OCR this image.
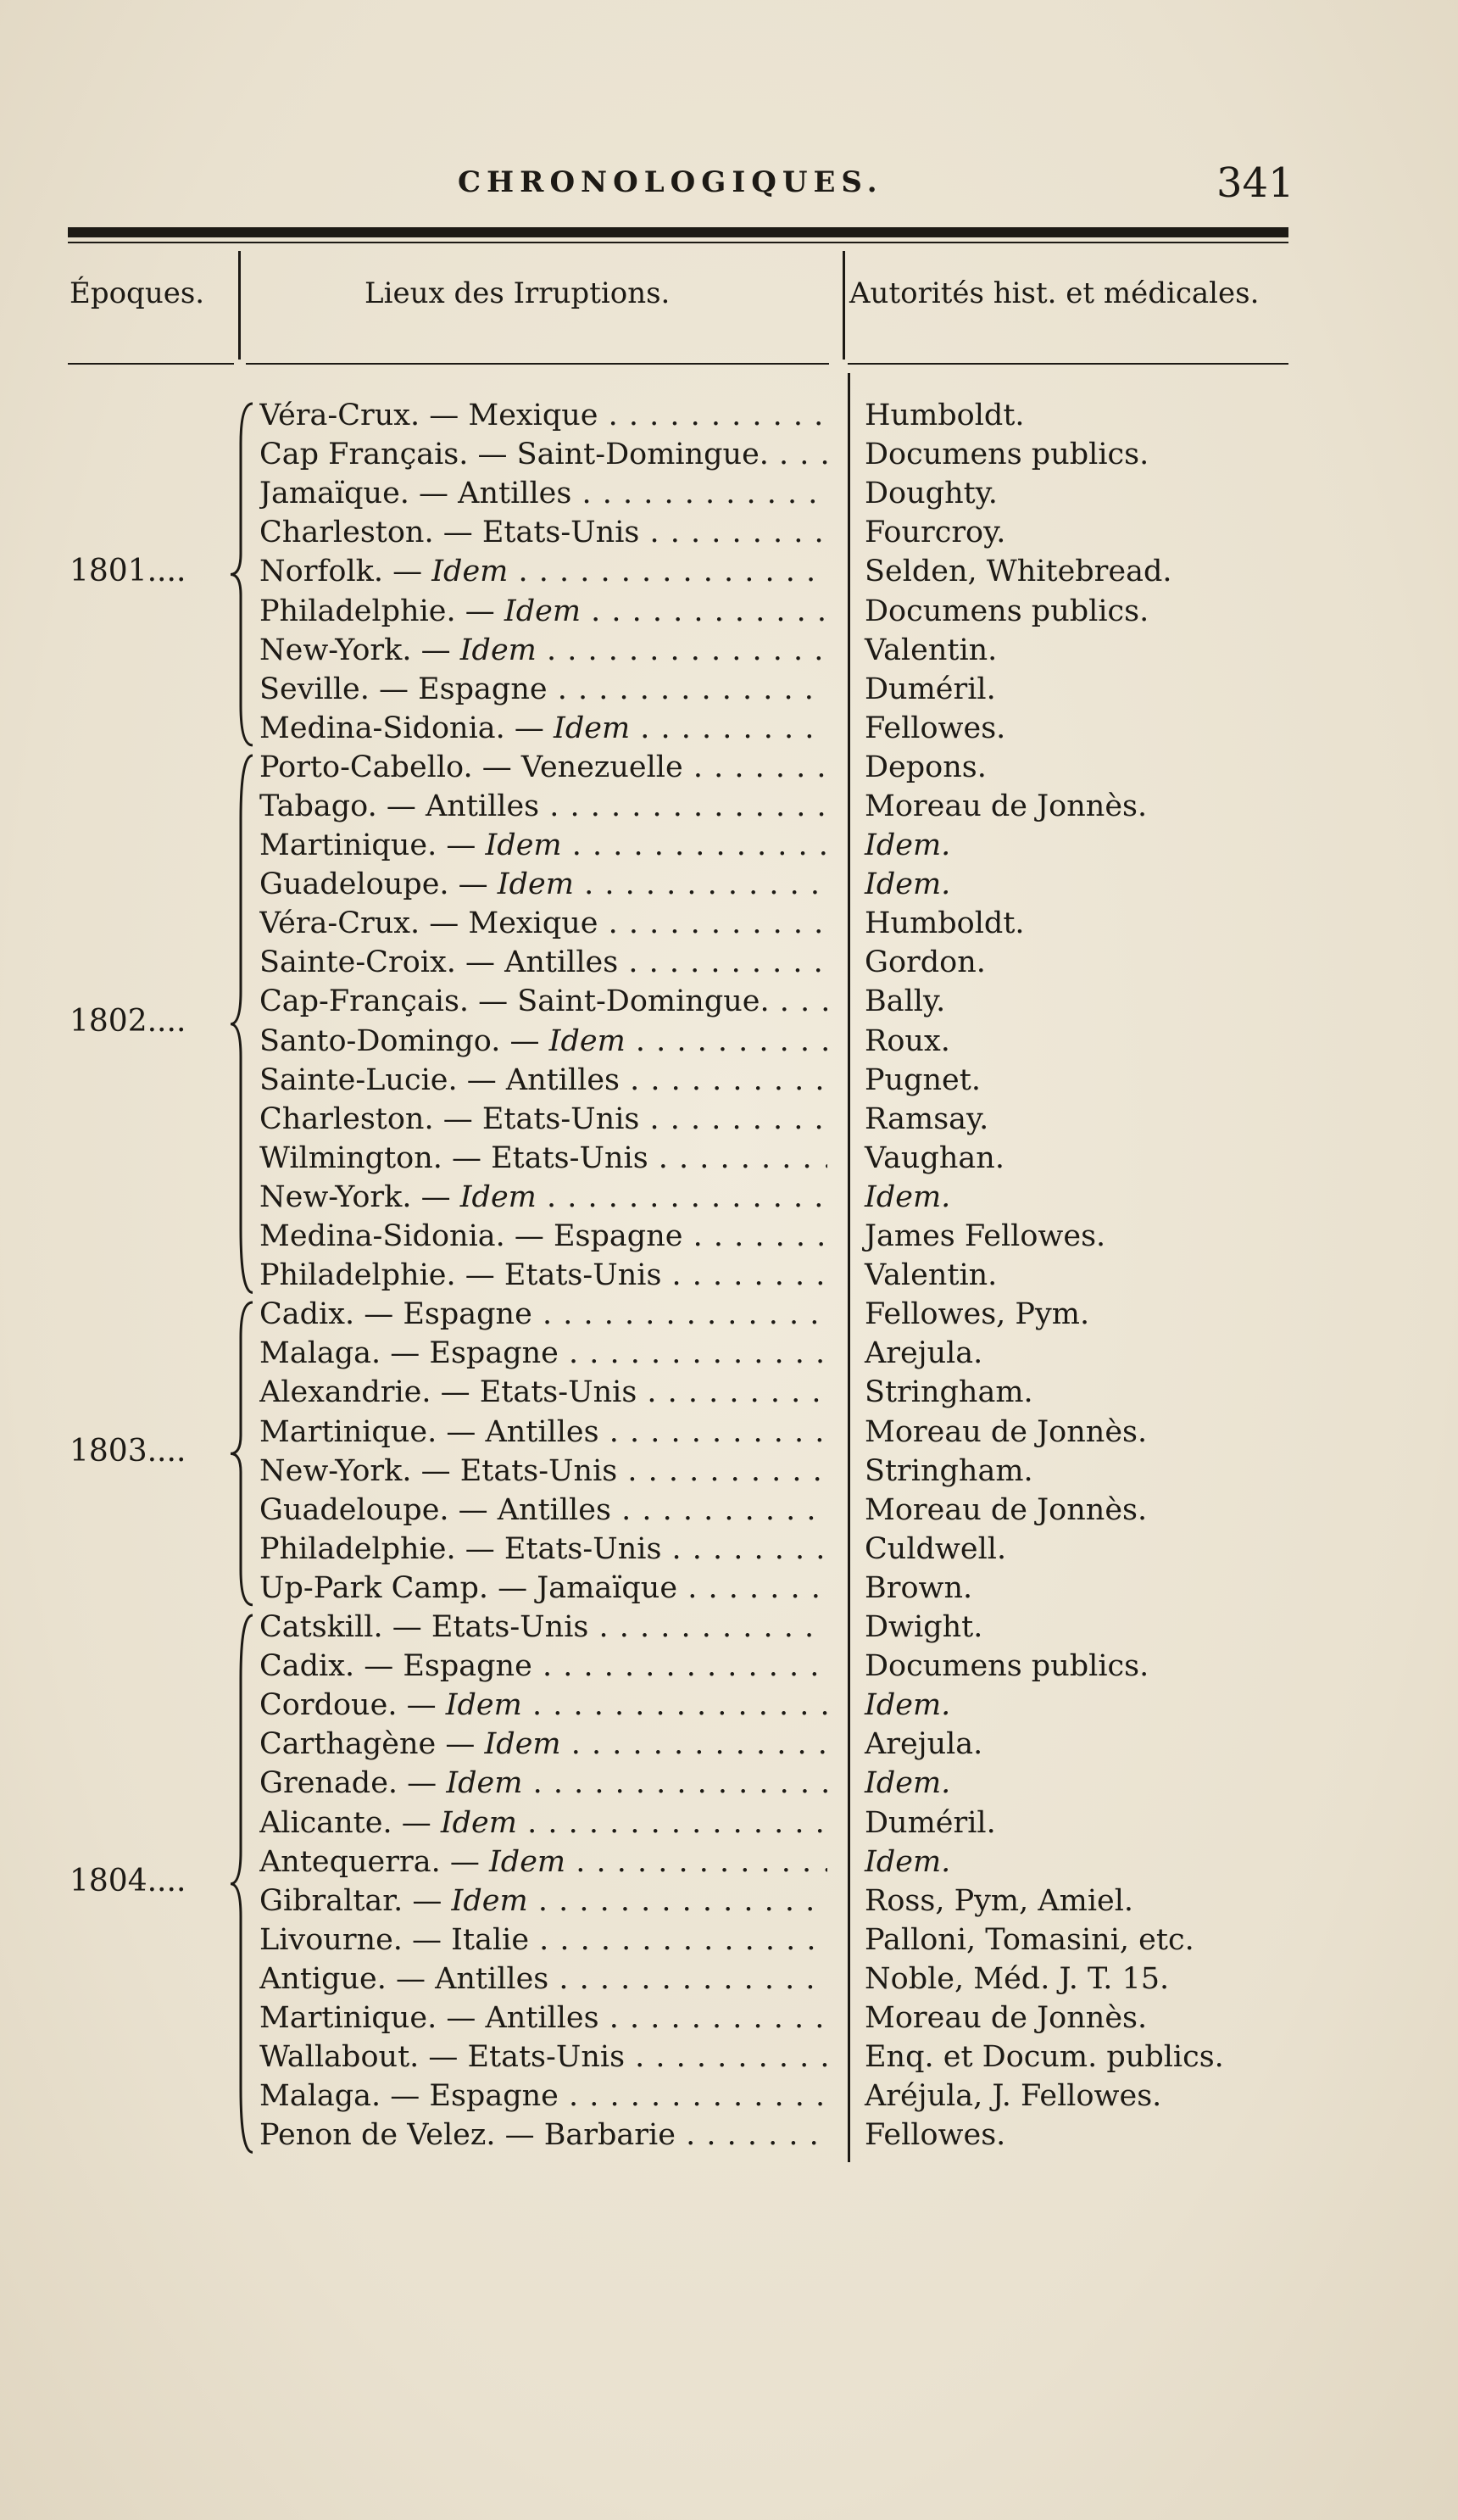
CHRONOLOGIQUES.	341
Époques.	Lieux des Irruptions.	Autorités hist. et médicales.
1801....
Véra-Crux. — Mexique . . .	Humboldt.
Cap Français. — Saint-Domingue. . . .	Documens publics.
Jamaïque. — Antilles . . .	Doughty.
Charleston. — Etats-Unis . . .	Fourcroy.
Norfolk. — Idem . . .	Selden, Whitebread.
Philadelphie. — Idem . . .	Documens publics.
New-York. — Idem . . .	Valentin.
Seville. — Espagne . . .	Duméril.
Medina-Sidonia. — Idem . . .	Fellowes.
1802....
Porto-Cabello. — Venezuelle . . .	Depons.
Tabago. — Antilles . . .	Moreau de Jonnès.
Martinique. — Idem . . .	Idem.
Guadeloupe. — Idem . . .	Idem.
Véra-Crux. — Mexique . . .	Humboldt.
Sainte-Croix. — Antilles . . .	Gordon.
Cap-Français. — Saint-Domingue. . . .	Bally.
Santo-Domingo. — Idem . . .	Roux.
Sainte-Lucie. — Antilles . . .	Pugnet.
Charleston. — Etats-Unis . . .	Ramsay.
Wilmington. — Etats-Unis . . .	Vaughan.
New-York. — Idem . . .	Idem.
Medina-Sidonia. — Espagne . . .	James Fellowes.
Philadelphie. — Etats-Unis . . .	Valentin.
1803....
Cadix. — Espagne . . .	Fellowes, Pym.
Malaga. — Espagne . . .	Arejula.
Alexandrie. — Etats-Unis . . .	Stringham.
Martinique. — Antilles . . .	Moreau de Jonnès.
New-York. — Etats-Unis . . .	Stringham.
Guadeloupe. — Antilles . . .	Moreau de Jonnès.
Philadelphie. — Etats-Unis . . .	Culdwell.
Up-Park Camp. — Jamaïque . . .	Brown.
1804....
Catskill. — Etats-Unis . . .	Dwight.
Cadix. — Espagne . . .	Documens publics.
Cordoue. — Idem . . .	Idem.
Carthagène — Idem . . .	Arejula.
Grenade. — Idem . . .	Idem.
Alicante. — Idem . . .	Duméril.
Antequerra. — Idem . . .	Idem.
Gibraltar. — Idem . . .	Ross, Pym, Amiel.
Livourne. — Italie . . .	Palloni, Tomasini, etc.
Antigue. — Antilles . . .	Noble, Méd. J. T. 15.
Martinique. — Antilles . . .	Moreau de Jonnès.
Wallabout. — Etats-Unis . . .	Enq. et Docum. publics.
Malaga. — Espagne . . .	Aréjula, J. Fellowes.
Penon de Velez. — Barbarie . . .	Fellowes.
